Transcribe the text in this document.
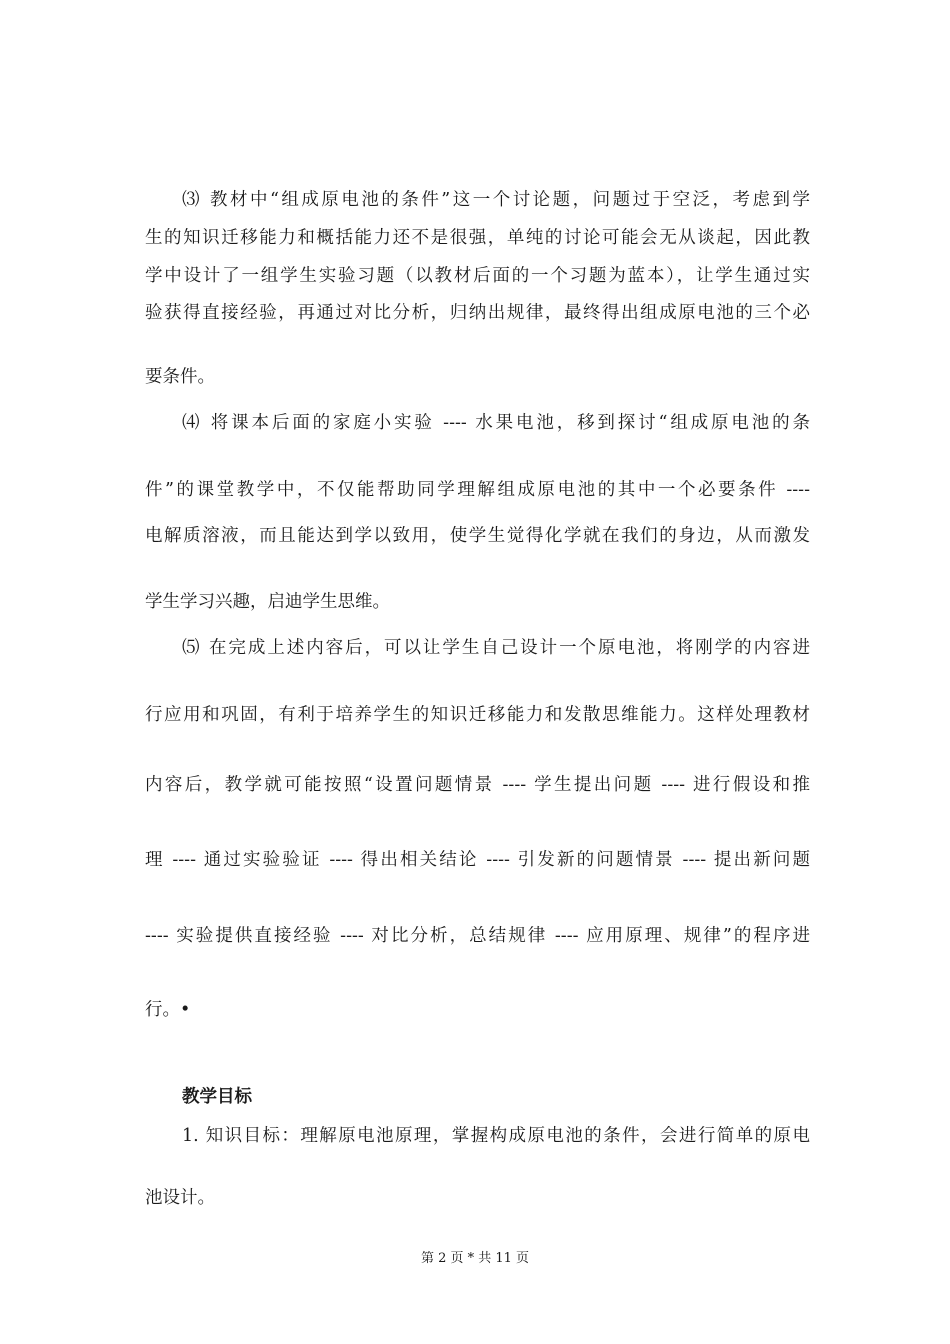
⑶ 教材中“组成原电池的条件”这一个讨论题，问题过于空泛，考虑到学
生的知识迁移能力和概括能力还不是很强，单纯的讨论可能会无从谈起，因此教
学中设计了一组学生实验习题（以教材后面的一个习题为蓝本），让学生通过实
验获得直接经验，再通过对比分析，归纳出规律，最终得出组成原电池的三个必
要条件。
⑷ 将课本后面的家庭小实验 ---- 水果电池，移到探讨“组成原电池的条
件”的课堂教学中，不仅能帮助同学理解组成原电池的其中一个必要条件 ----
电解质溶液，而且能达到学以致用，使学生觉得化学就在我们的身边，从而激发
学生学习兴趣，启迪学生思维。
⑸ 在完成上述内容后，可以让学生自己设计一个原电池，将刚学的内容进
行应用和巩固，有利于培养学生的知识迁移能力和发散思维能力。这样处理教材
内容后，教学就可能按照“设置问题情景 ---- 学生提出问题 ---- 进行假设和推
理 ---- 通过实验验证 ---- 得出相关结论 ---- 引发新的问题情景 ---- 提出新问题
---- 实验提供直接经验 ---- 对比分析，总结规律 ---- 应用原理、规律”的程序进
行。•
教学目标
1. 知识目标：理解原电池原理，掌握构成原电池的条件，会进行简单的原电
池设计。
第 2 页 * 共 11 页
